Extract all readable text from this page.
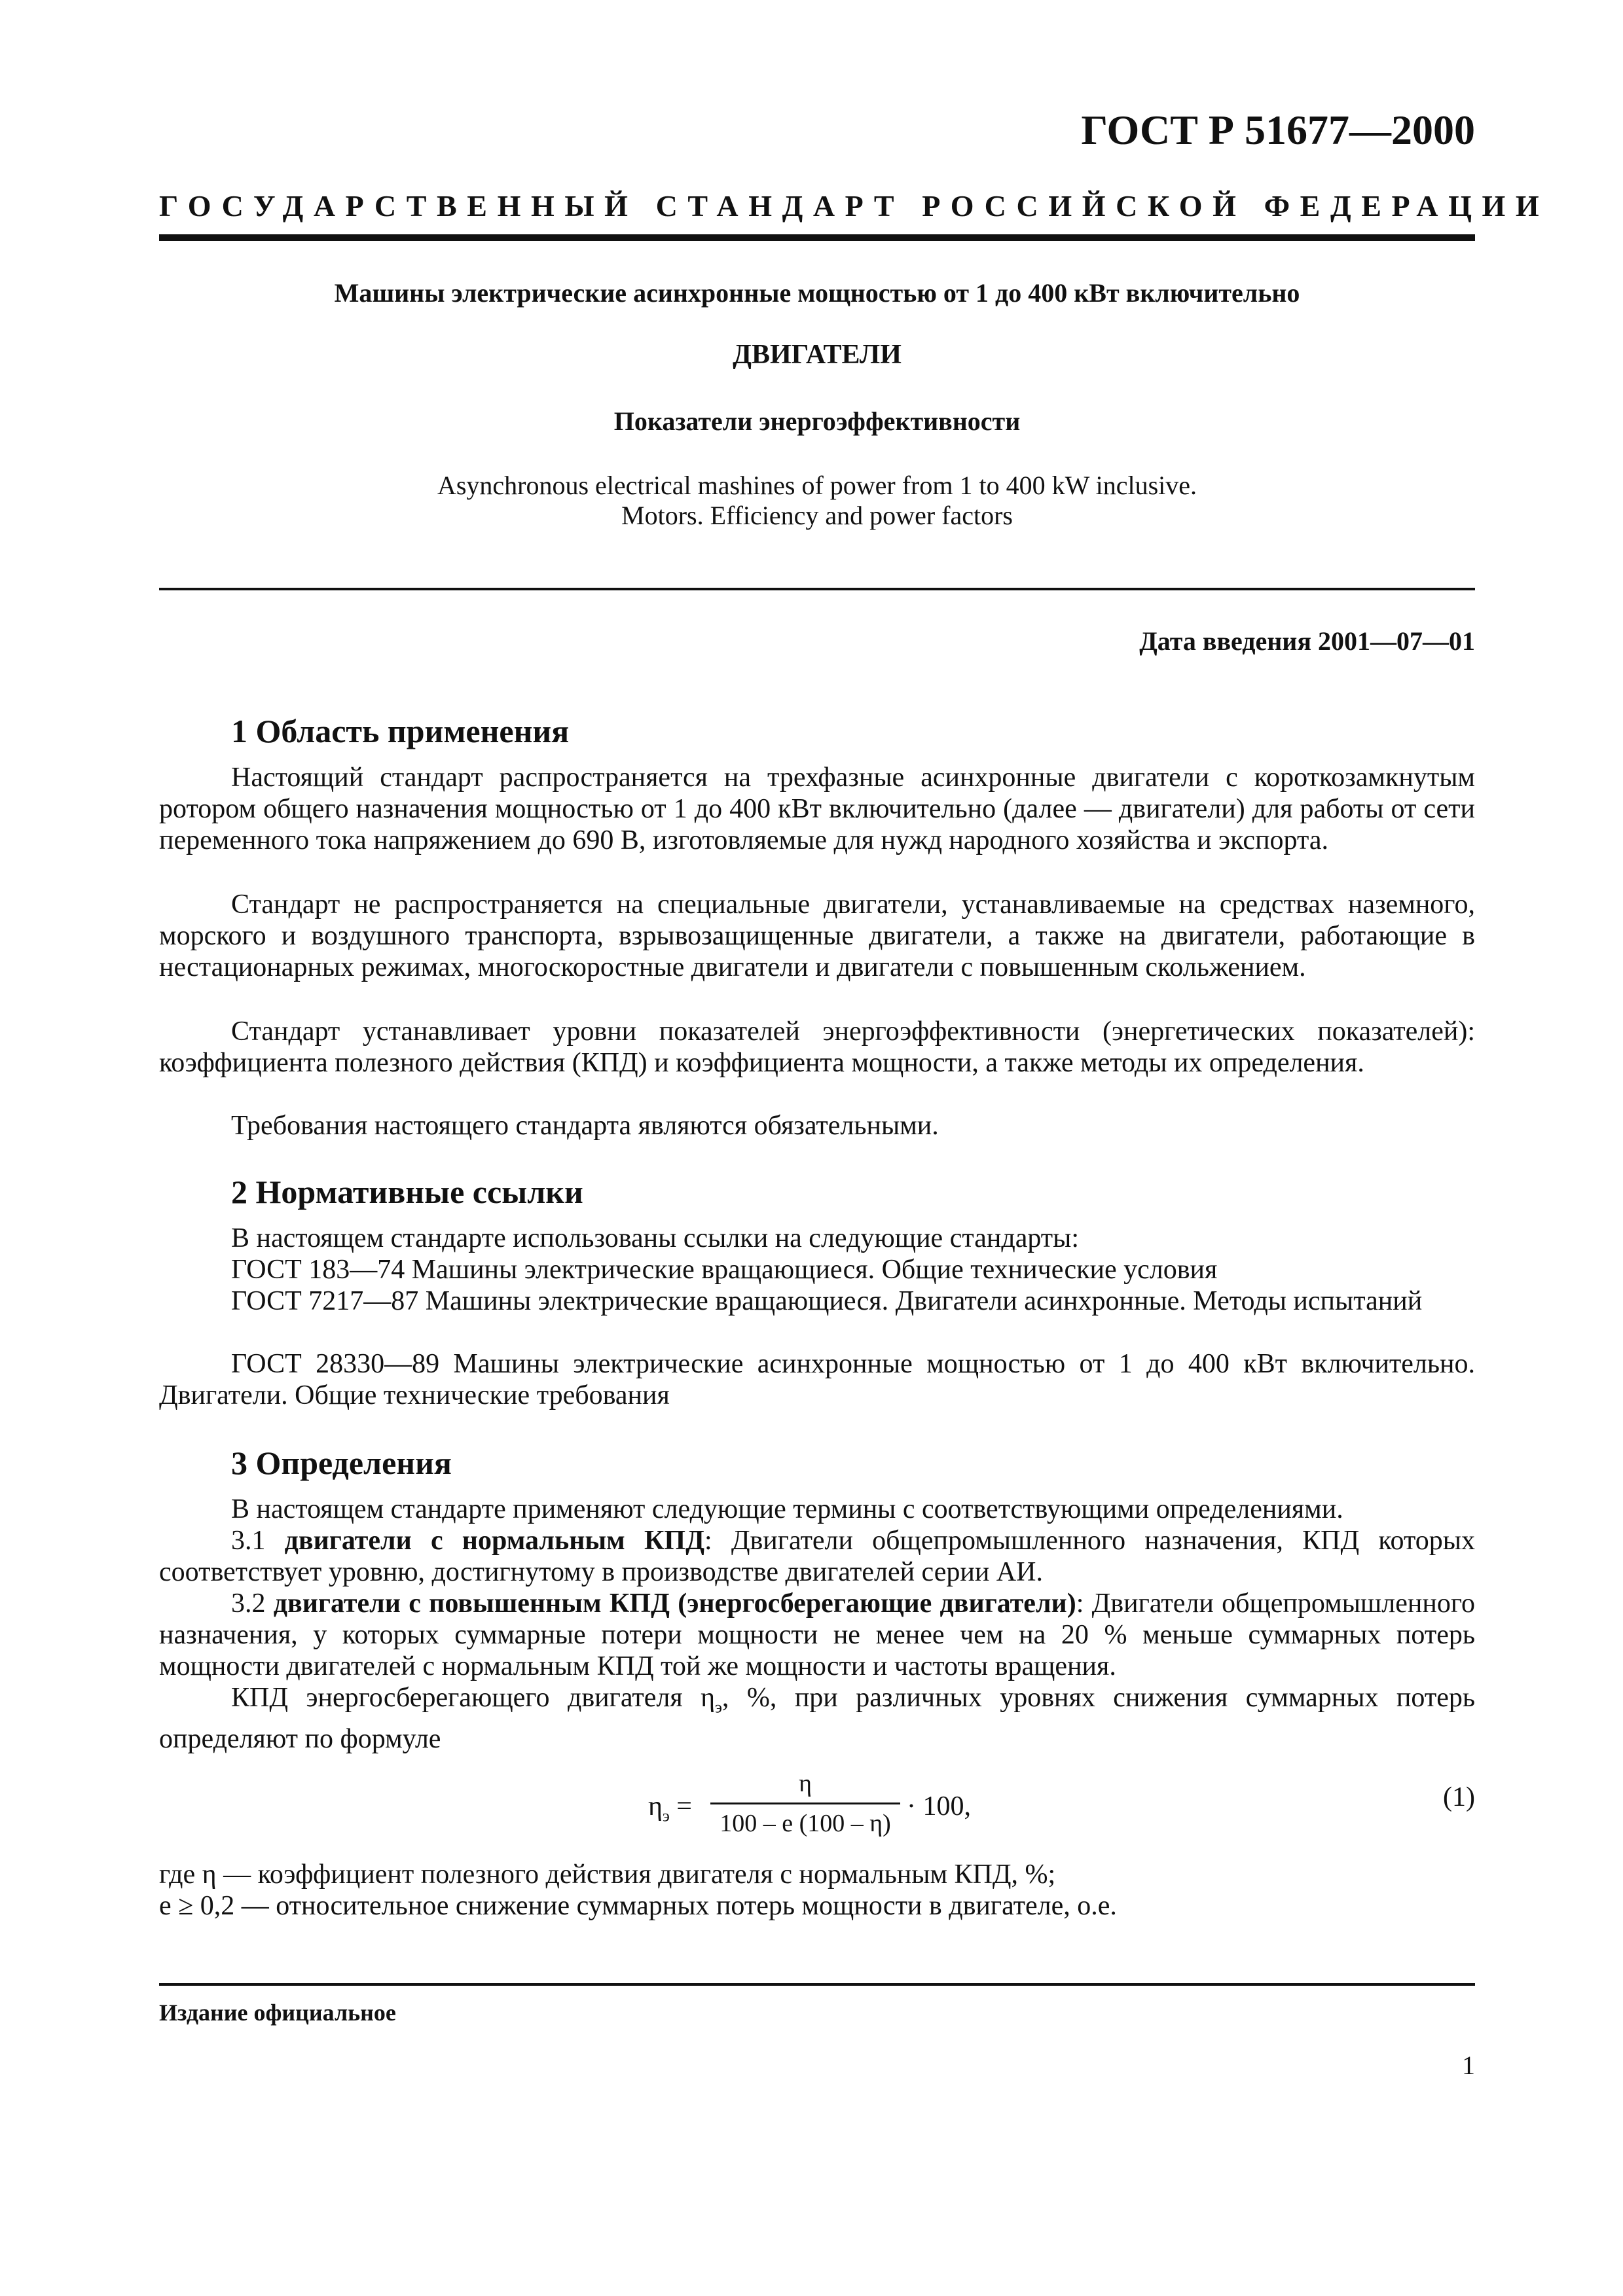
ГОСТ Р 51677—2000
ГОСУДАРСТВЕННЫЙ СТАНДАРТ РОССИЙСКОЙ ФЕДЕРАЦИИ
Машины электрические асинхронные мощностью от 1 до 400 кВт включительно
ДВИГАТЕЛИ
Показатели энергоэффективности
Asynchronous electrical mashines of power from 1 to 400 kW inclusive.
Motors. Efficiency and power factors
Дата введения 2001—07—01
1 Область применения
Настоящий стандарт распространяется на трехфазные асинхронные двигатели с короткозамкнутым ротором общего назначения мощностью от 1 до 400 кВт включительно (далее — двигатели) для работы от сети переменного тока напряжением до 690 В, изготовляемые для нужд народного хозяйства и экспорта.
Стандарт не распространяется на специальные двигатели, устанавливаемые на средствах наземного, морского и воздушного транспорта, взрывозащищенные двигатели, а также на двигатели, работающие в нестационарных режимах, многоскоростные двигатели и двигатели с повышенным скольжением.
Стандарт устанавливает уровни показателей энергоэффективности (энергетических показателей): коэффициента полезного действия (КПД) и коэффициента мощности, а также методы их определения.
Требования настоящего стандарта являются обязательными.
2 Нормативные ссылки
В настоящем стандарте использованы ссылки на следующие стандарты:
ГОСТ 183—74 Машины электрические вращающиеся. Общие технические условия
ГОСТ 7217—87 Машины электрические вращающиеся. Двигатели асинхронные. Методы испытаний
ГОСТ 28330—89 Машины электрические асинхронные мощностью от 1 до 400 кВт включительно. Двигатели. Общие технические требования
3 Определения
В настоящем стандарте применяют следующие термины с соответствующими определениями.
3.1 двигатели с нормальным КПД: Двигатели общепромышленного назначения, КПД которых соответствует уровню, достигнутому в производстве двигателей серии АИ.
3.2 двигатели с повышенным КПД (энергосберегающие двигатели): Двигатели общепромышленного назначения, у которых суммарные потери мощности не менее чем на 20 % меньше суммарных потерь мощности двигателей с нормальным КПД той же мощности и частоты вращения.
КПД энергосберегающего двигателя $\eta_э$, %, при различных уровнях снижения суммарных потерь определяют по формуле
$\eta_э$ =
η
100 – e (100 – η)
· 100,	(1)
где η — коэффициент полезного действия двигателя с нормальным КПД, %;
e ≥ 0,2 — относительное снижение суммарных потерь мощности в двигателе, о.е.
Издание официальное
1
